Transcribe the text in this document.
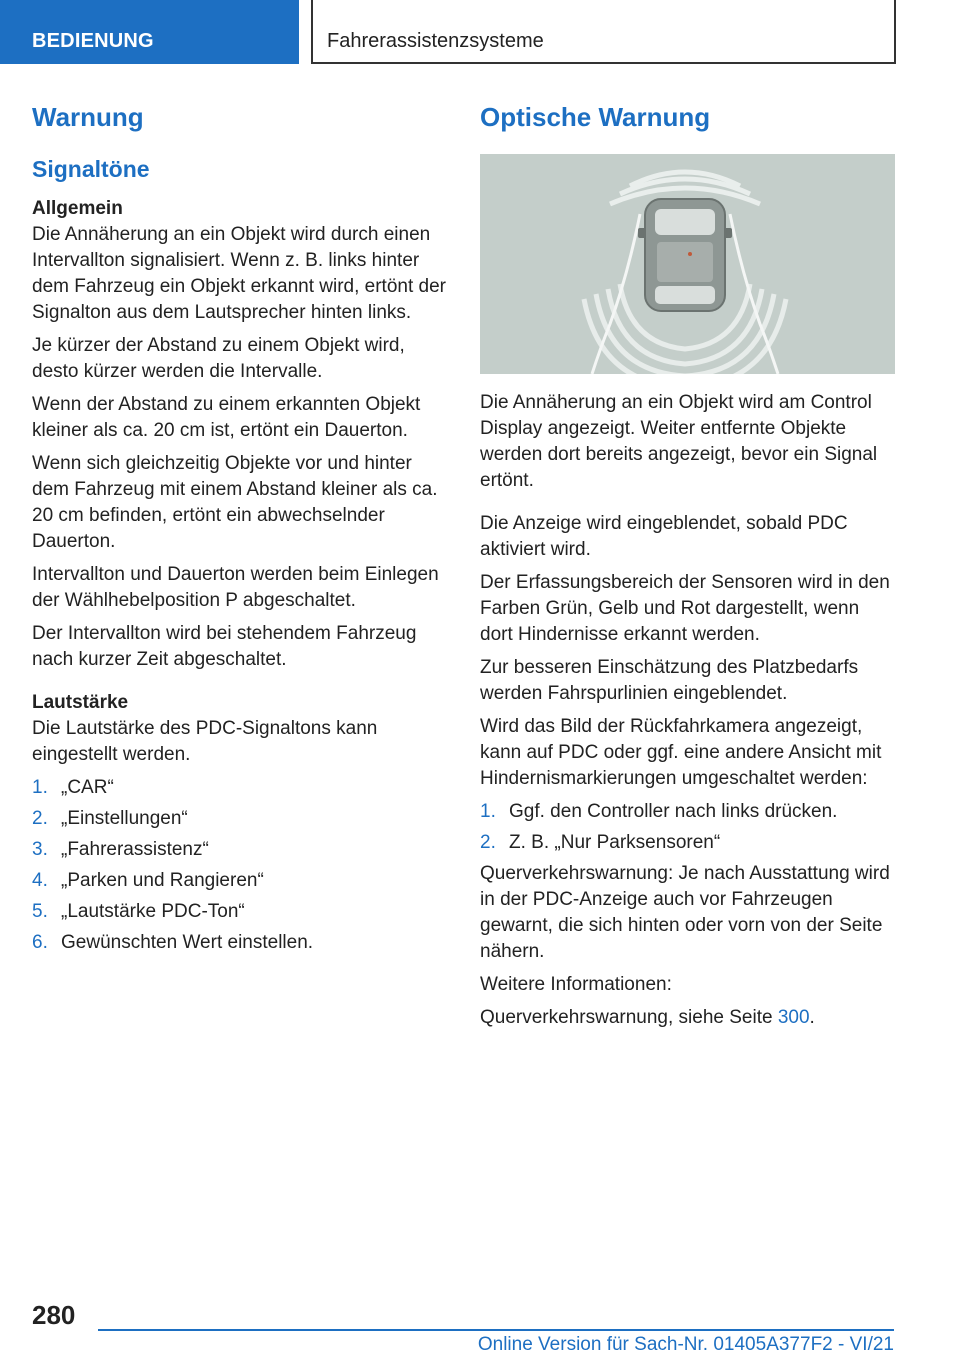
BEDIENUNG	Fahrerassistenzsysteme
Warnung
Signaltöne
Allgemein

Die Annäherung an ein Objekt wird durch einen Intervallton signalisiert. Wenn z. B. links hinter dem Fahrzeug ein Objekt erkannt wird, ertönt der Signalton aus dem Lautsprecher hinten links.

Je kürzer der Abstand zu einem Objekt wird, desto kürzer werden die Intervalle.

Wenn der Abstand zu einem erkannten Objekt kleiner als ca. 20 cm ist, ertönt ein Dauerton.

Wenn sich gleichzeitig Objekte vor und hinter dem Fahrzeug mit einem Abstand kleiner als ca. 20 cm befinden, ertönt ein abwechselnder Dauerton.

Intervallton und Dauerton werden beim Einlegen der Wählhebelposition P abgeschaltet.

Der Intervallton wird bei stehendem Fahrzeug nach kurzer Zeit abgeschaltet.

Lautstärke

Die Lautstärke des PDC-Signaltons kann eingestellt werden.

1. „CAR“
2. „Einstellungen“
3. „Fahrerassistenz“
4. „Parken und Rangieren“
5. „Lautstärke PDC-Ton“
6. Gewünschten Wert einstellen.
Optische Warnung

Die Annäherung an ein Objekt wird am Control Display angezeigt. Weiter entfernte Objekte werden dort bereits angezeigt, bevor ein Signal ertönt.

Die Anzeige wird eingeblendet, sobald PDC aktiviert wird.

Der Erfassungsbereich der Sensoren wird in den Farben Grün, Gelb und Rot dargestellt, wenn dort Hindernisse erkannt werden.

Zur besseren Einschätzung des Platzbedarfs werden Fahrspurlinien eingeblendet.

Wird das Bild der Rückfahrkamera angezeigt, kann auf PDC oder ggf. eine andere Ansicht mit Hindernismarkierungen umgeschaltet werden:

1. Ggf. den Controller nach links drücken.
2. Z. B. „Nur Parksensoren“

Querverkehrswarnung: Je nach Ausstattung wird in der PDC-Anzeige auch vor Fahrzeugen gewarnt, die sich hinten oder vorn von der Seite nähern.

Weitere Informationen:

Querverkehrswarnung, siehe Seite 300.

280
Online Version für Sach-Nr. 01405A377F2 - VI/21
